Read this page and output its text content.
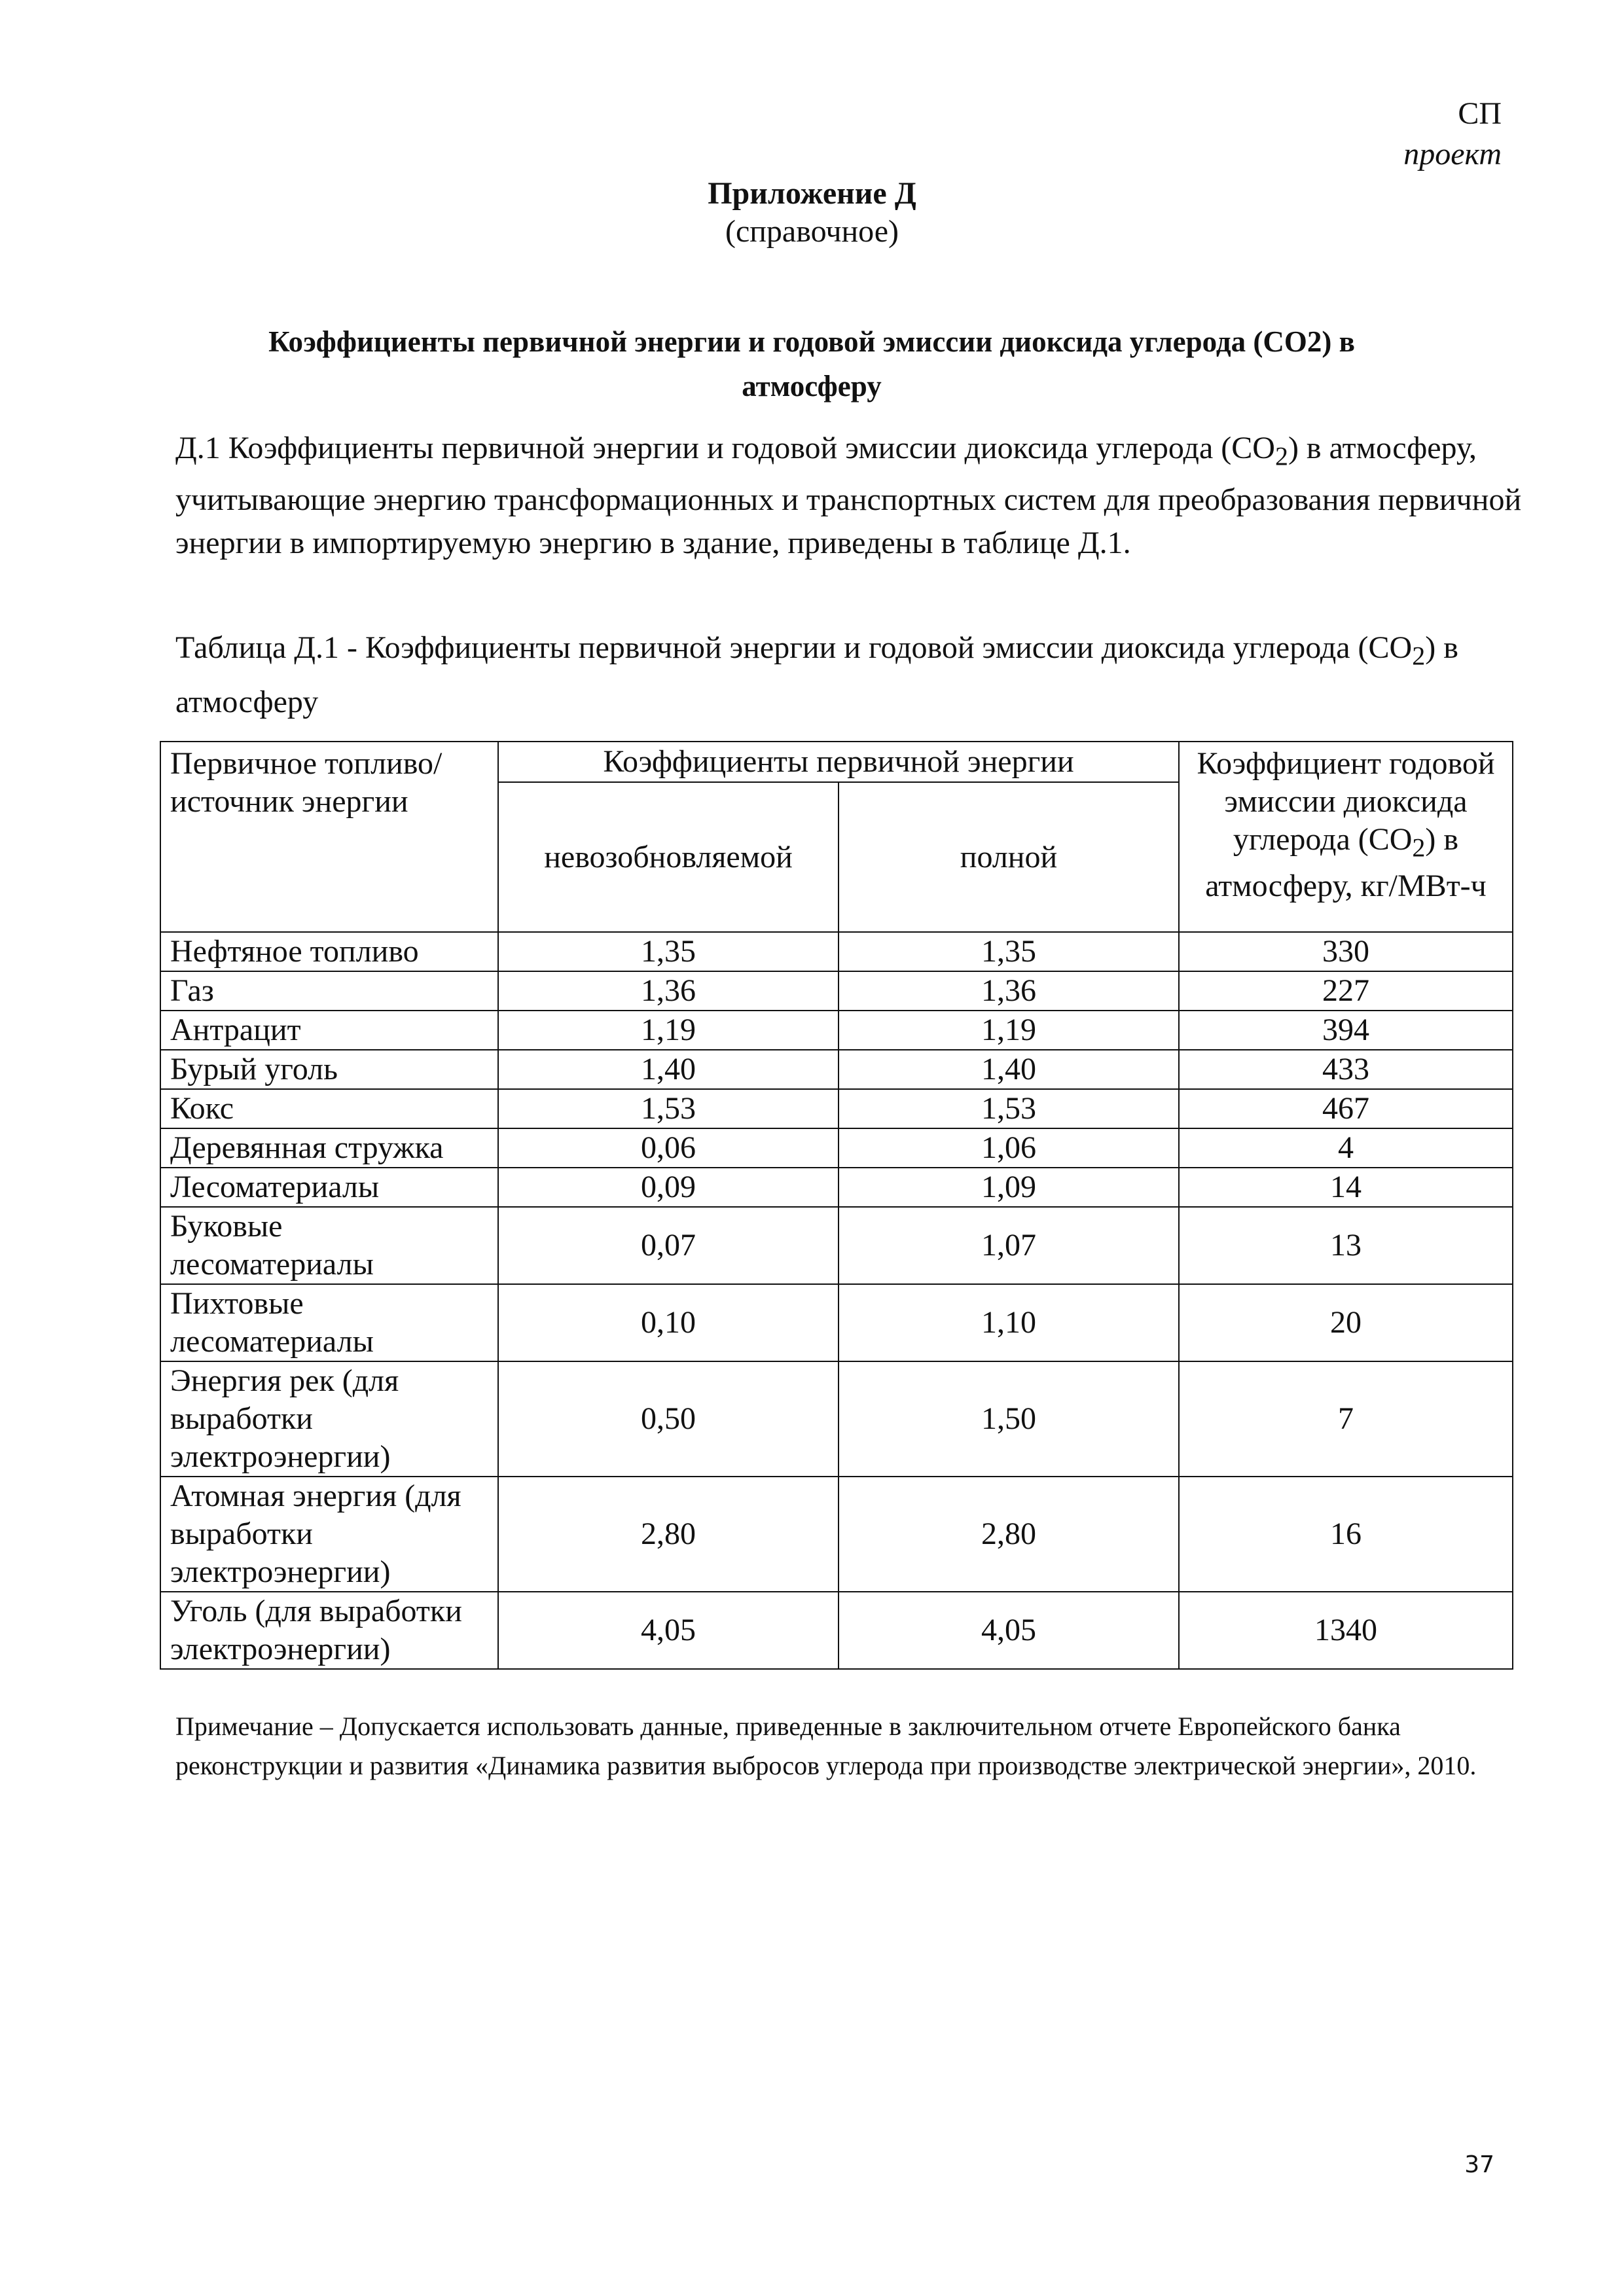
СП
проект
Приложение Д
(справочное)
Коэффициенты первичной энергии и годовой эмиссии диоксида углерода (СО2) в атмосферу
Д.1 Коэффициенты первичной энергии и годовой эмиссии диоксида углерода $(СО_2)$ в атмосферу, учитывающие энергию трансформационных и транспортных систем для преобразования первичной энергии в импортируемую энергию в здание, приведены в таблице Д.1.
Таблица Д.1 - Коэффициенты первичной энергии и годовой эмиссии диоксида углерода $(СО_2)$ в атмосферу
Первичное топливо/ источник энергии	Коэффициенты первичной энергии		Коэффициент годовой эмиссии диоксида углерода $(СО_2)$ в атмосферу, кг/МВт-ч
	невозобновляемой	полной	
Нефтяное топливо	1,35	1,35	330
Газ	1,36	1,36	227
Антрацит	1,19	1,19	394
Бурый уголь	1,40	1,40	433
Кокс	1,53	1,53	467
Деревянная стружка	0,06	1,06	4
Лесоматериалы	0,09	1,09	14
Буковые лесоматериалы	0,07	1,07	13
Пихтовые лесоматериалы	0,10	1,10	20
Энергия рек (для выработки электроэнергии)	0,50	1,50	7
Атомная энергия (для выработки электроэнергии)	2,80	2,80	16
Уголь (для выработки электроэнергии)	4,05	4,05	1340
Примечание – Допускается использовать данные, приведенные в заключительном отчете Европейского банка реконструкции и развития «Динамика развития выбросов углерода при производстве электрической энергии», 2010.
37
